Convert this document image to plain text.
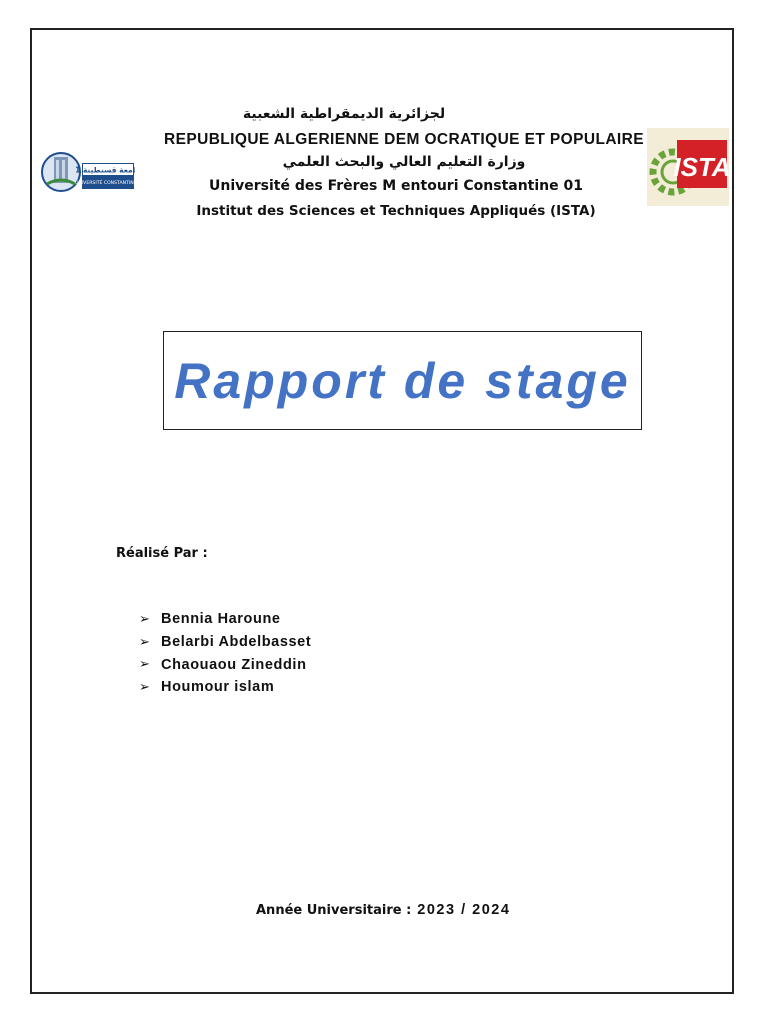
جامعة قسنطينة 1
UNIVERSITÉ CONSTANTINE 1
ISTA
لجزائرية الديمقراطية الشعبية
REPUBLIQUE ALGERIENNE DEM OCRATIQUE ET POPULAIRE
وزارة التعليم العالي والبحث العلمي
Université des Frères M entouri Constantine 01
Institut des Sciences et Techniques Appliqués (ISTA)
Rapport de stage
Réalisé Par :
➢ Bennia Haroune
➢ Belarbi Abdelbasset
➢ Chaouaou Zineddin
➢ Houmour islam
Année Universitaire : 2023 / 2024
